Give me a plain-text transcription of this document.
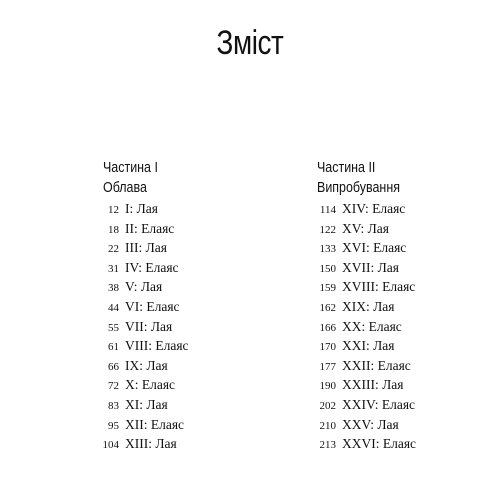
Зміст
Частина I
Облава
12 I: Лая
18 II: Елаяс
22 III: Лая
31 IV: Елаяс
38 V: Лая
44 VI: Елаяс
55 VII: Лая
61 VIII: Елаяс
66 IX: Лая
72 X: Елаяс
83 XI: Лая
95 XII: Елаяс
104 XIII: Лая
Частина II
Випробування
114 XIV: Елаяс
122 XV: Лая
133 XVI: Елаяс
150 XVII: Лая
159 XVIII: Елаяс
162 XIX: Лая
166 XX: Елаяс
170 XXI: Лая
177 XXII: Елаяс
190 XXIII: Лая
202 XXIV: Елаяс
210 XXV: Лая
213 XXVI: Елаяс
